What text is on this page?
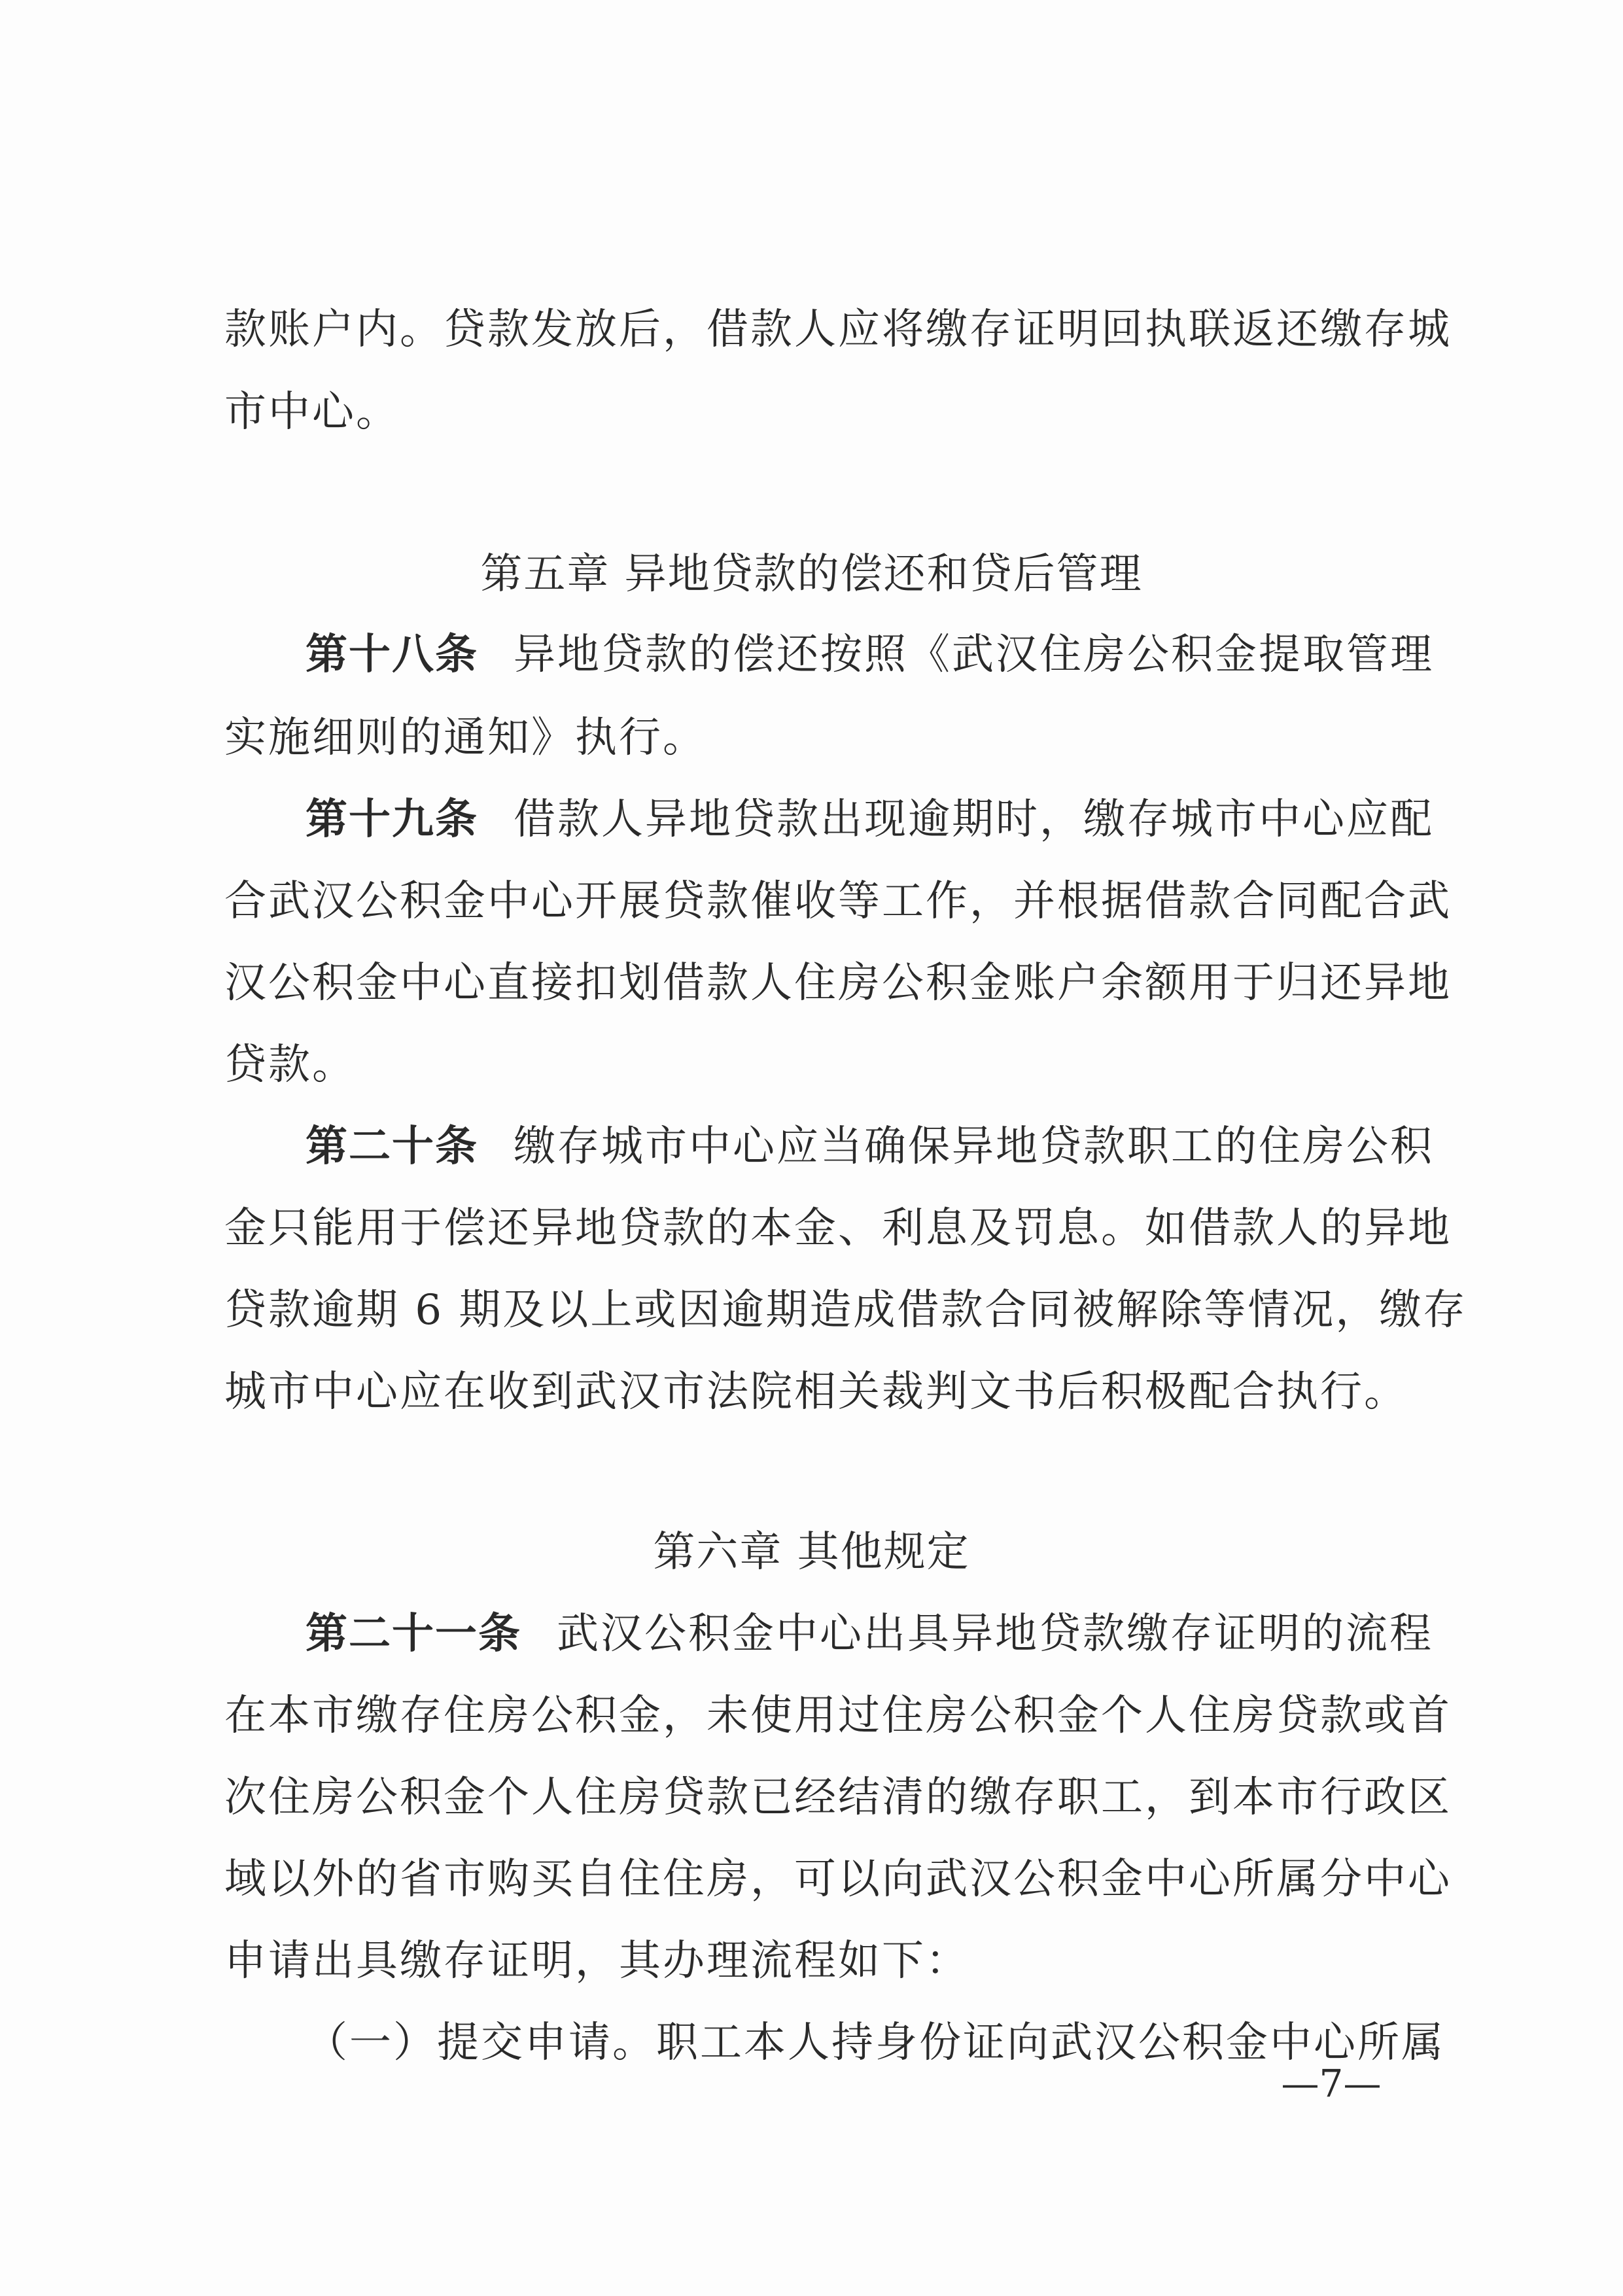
款账户内。贷款发放后，借款人应将缴存证明回执联返还缴存城
市中心。
第五章 异地贷款的偿还和贷后管理
第十八条 异地贷款的偿还按照《武汉住房公积金提取管理
实施细则的通知》执行。
第十九条 借款人异地贷款出现逾期时，缴存城市中心应配
合武汉公积金中心开展贷款催收等工作，并根据借款合同配合武
汉公积金中心直接扣划借款人住房公积金账户余额用于归还异地
贷款。
第二十条 缴存城市中心应当确保异地贷款职工的住房公积
金只能用于偿还异地贷款的本金、利息及罚息。如借款人的异地
贷款逾期 6 期及以上或因逾期造成借款合同被解除等情况，缴存
城市中心应在收到武汉市法院相关裁判文书后积极配合执行。
第六章 其他规定
第二十一条 武汉公积金中心出具异地贷款缴存证明的流程
在本市缴存住房公积金，未使用过住房公积金个人住房贷款或首
次住房公积金个人住房贷款已经结清的缴存职工，到本市行政区
域以外的省市购买自住住房，可以向武汉公积金中心所属分中心
申请出具缴存证明，其办理流程如下：
（一）提交申请。职工本人持身份证向武汉公积金中心所属
—7—
